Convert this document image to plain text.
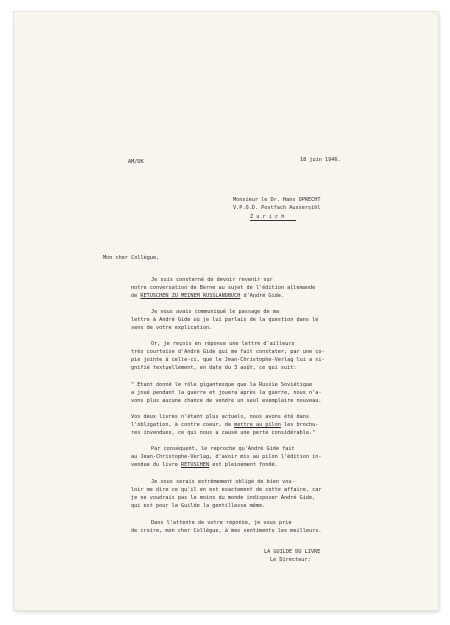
AM/DK	18 juin 1946.

Monsieur le Dr. Hans OPRECHT

V.P.O.D. Postfach Aussersihl

Z u r i c h

Mon cher Collègue,

Je suis consterné de devoir revenir sur

notre conversation de Berne au sujet de l'édition allemande

de RETUSCHEN ZU MEINEM RUSSLANDBUCH d'André Gide.

Je vous avais communiqué le passage de ma

lettre à André Gide où je lui parlais de la question dans le

sens de votre explication.

Or, je reçois en réponse une lettre d'ailleurs

très courtoise d'André Gide qui me fait constater, par une co-

pie jointe à celle-ci, que le Jean-Christophe-Verlag lui a si-

gnifié textuellement, en date du 3 août, ce qui suit:

" Etant donné le rôle gigantesque que la Russie Soviétique

a joué pendant la guerre et jouera après la guerre, nous n'a-

vons plus aucune chance de vendre un seul exemplaire nouveau.

Vos deux livres n'étant plus actuels, nous avons été dans

l'obligation, à contre coeur, de mettre au pilon les brochu-

res invendues, ce qui nous a causé une perte considérable."

Par conséquent, le reproche qu'André Gide fait

au Jean-Christophe-Verlag, d'avoir mis au pilon l'édition in-

vendue du livre RETUSCHEN est pleinement fondé.

Je vous serais extrêmement obligé de bien vou-

loir me dire ce qu'il en est exactement de cette affaire, car

je ne voudrais pas le moins du monde indisposer André Gide,

qui est pour la Guilde la gentillesse même.

Dans l'attente de votre réponse, je vous prie

de croire, mon cher Collègue, à mes sentiments les meilleurs.

LA GUILDE DU LIVRE

Le Directeur:
